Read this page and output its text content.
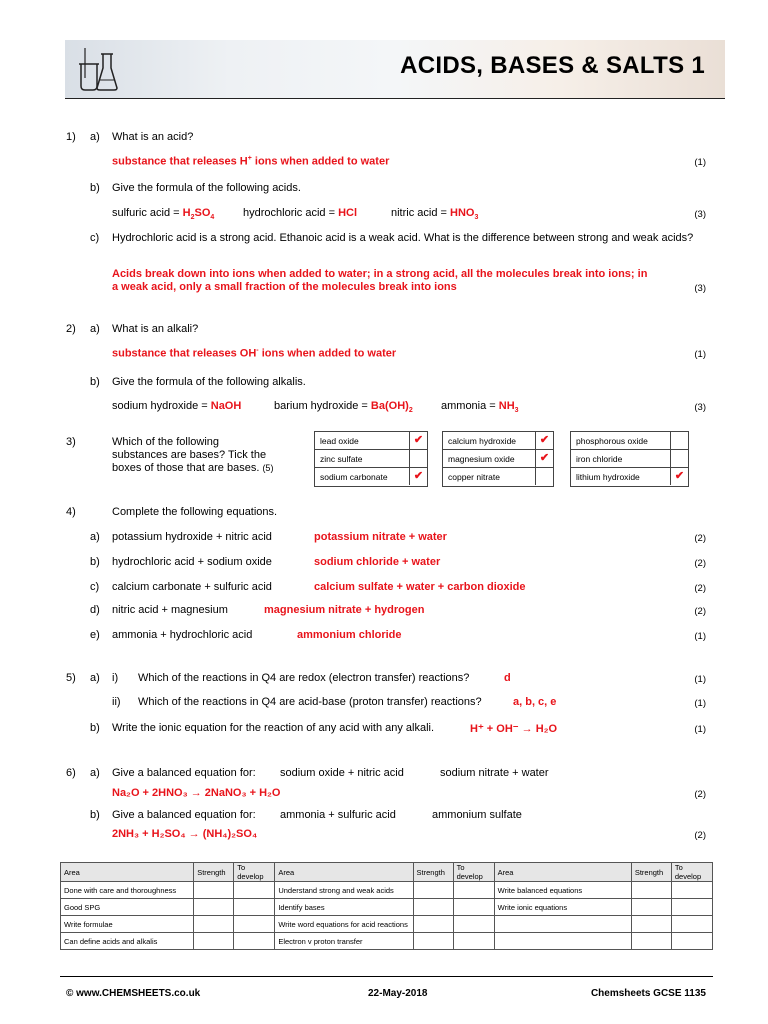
ACIDS, BASES & SALTS 1
1) a) What is an acid?
substance that releases H+ ions when added to water	(1)
b) Give the formula of the following acids.
sulfuric acid = $H_2SO_4$	hydrochloric acid = HCl	nitric acid = $HNO_3$	(3)
c) Hydrochloric acid is a strong acid. Ethanoic acid is a weak acid. What is the difference between strong and weak acids?
Acids break down into ions when added to water; in a strong acid, all the molecules break into ions; in
a weak acid, only a small fraction of the molecules break into ions	(3)
2) a) What is an alkali?
substance that releases OH- ions when added to water	(1)
b) Give the formula of the following alkalis.
sodium hydroxide = NaOH	barium hydroxide = $Ba(OH)_2$	ammonia = $NH_3$	(3)
3)	Which of the following
substances are bases? Tick the
boxes of those that are bases. (5)
lead oxide	✔
zinc sulfate
sodium carbonate	✔
calcium hydroxide	✔
magnesium oxide	✔
copper nitrate
phosphorous oxide
iron chloride
lithium hydroxide	✔
4)	Complete the following equations.
a) potassium hydroxide + nitric acid	potassium nitrate + water	(2)
b) hydrochloric acid + sodium oxide	sodium chloride + water	(2)
c) calcium carbonate + sulfuric acid	calcium sulfate + water + carbon dioxide	(2)
d) nitric acid + magnesium	magnesium nitrate + hydrogen	(2)
e) ammonia + hydrochloric acid	ammonium chloride	(1)
5) a) i) Which of the reactions in Q4 are redox (electron transfer) reactions?	d	(1)
ii) Which of the reactions in Q4 are acid-base (proton transfer) reactions?	a, b, c, e	(1)
b) Write the ionic equation for the reaction of any acid with any alkali.	H⁺ + OH⁻ → H₂O	(1)
6) a) Give a balanced equation for: sodium oxide + nitric acid	sodium nitrate + water
Na₂O + 2HNO₃ → 2NaNO₃ + H₂O	(2)
b) Give a balanced equation for: ammonia + sulfuric acid	ammonium sulfate
2NH₃ + H₂SO₄ → (NH₄)₂SO₄	(2)
Area	Strength	To develop	Area	Strength	To develop	Area	Strength	To develop
Done with care and thoroughness			Understand strong and weak acids			Write balanced equations		
Good SPG			Identify bases			Write ionic equations		
Write formulae			Write word equations for acid reactions					
Can define acids and alkalis			Electron v proton transfer					
© www.CHEMSHEETS.co.uk	22-May-2018	Chemsheets GCSE 1135
